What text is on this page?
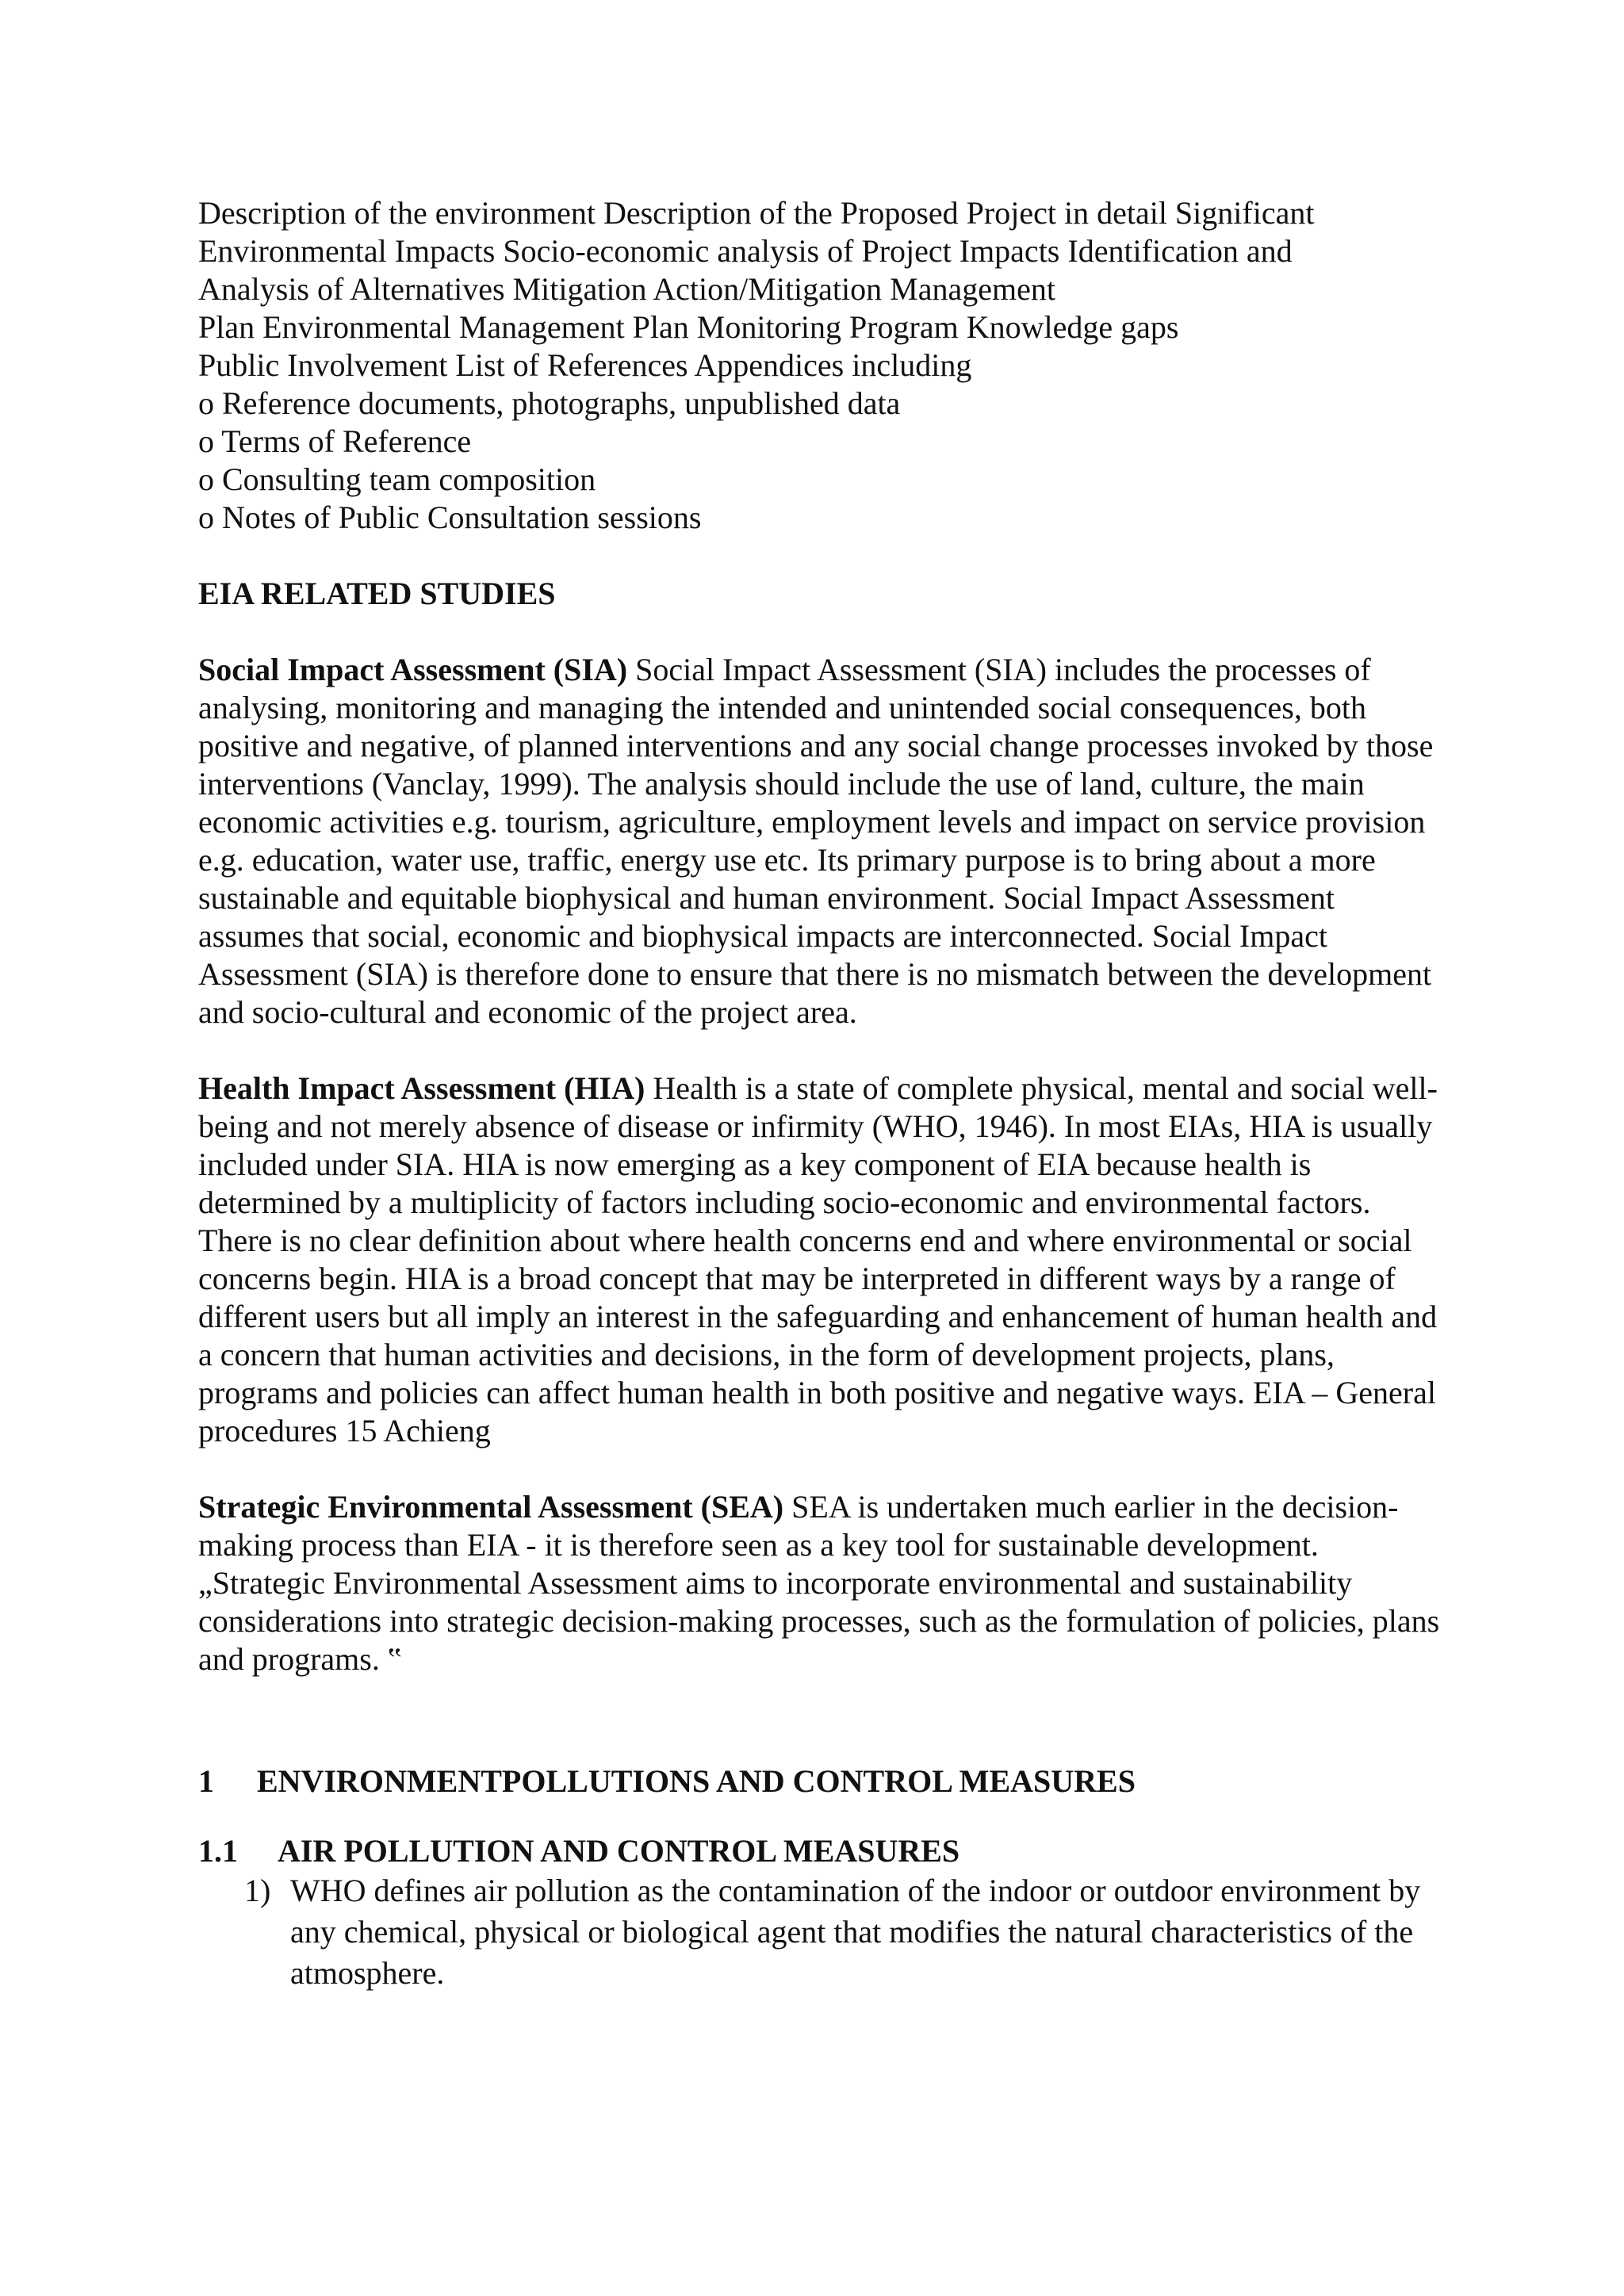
Description of the environment Description of the Proposed Project in detail Significant

Environmental Impacts Socio-economic analysis of Project Impacts Identification and

Analysis of Alternatives Mitigation Action/Mitigation Management

Plan Environmental Management Plan Monitoring Program Knowledge gaps

Public Involvement List of References Appendices including

o Reference documents, photographs, unpublished data

o Terms of Reference

o Consulting team composition

o Notes of Public Consultation sessions

EIA RELATED STUDIES

Social Impact Assessment (SIA) Social Impact Assessment (SIA) includes the processes of analysing, monitoring and managing the intended and unintended social consequences, both positive and negative, of planned interventions and any social change processes invoked by those interventions (Vanclay, 1999). The analysis should include the use of land, culture, the main economic activities e.g. tourism, agriculture, employment levels and impact on service provision e.g. education, water use, traffic, energy use etc. Its primary purpose is to bring about a more sustainable and equitable biophysical and human environment. Social Impact Assessment assumes that social, economic and biophysical impacts are interconnected. Social Impact Assessment (SIA) is therefore done to ensure that there is no mismatch between the development and socio-cultural and economic of the project area.

Health Impact Assessment (HIA) Health is a state of complete physical, mental and social well-being and not merely absence of disease or infirmity (WHO, 1946). In most EIAs, HIA is usually included under SIA. HIA is now emerging as a key component of EIA because health is determined by a multiplicity of factors including socio-economic and environmental factors. There is no clear definition about where health concerns end and where environmental or social concerns begin. HIA is a broad concept that may be interpreted in different ways by a range of different users but all imply an interest in the safeguarding and enhancement of human health and a concern that human activities and decisions, in the form of development projects, plans, programs and policies can affect human health in both positive and negative ways. EIA – General procedures 15 Achieng

Strategic Environmental Assessment (SEA) SEA is undertaken much earlier in the decision-making process than EIA - it is therefore seen as a key tool for sustainable development. „Strategic Environmental Assessment aims to incorporate environmental and sustainability considerations into strategic decision-making processes, such as the formulation of policies, plans and programs. ‟

1	ENVIRONMENTPOLLUTIONS AND CONTROL MEASURES
1.1	AIR POLLUTION AND CONTROL MEASURES
1) WHO defines air pollution as the contamination of the indoor or outdoor environment by any chemical, physical or biological agent that modifies the natural characteristics of the atmosphere.
